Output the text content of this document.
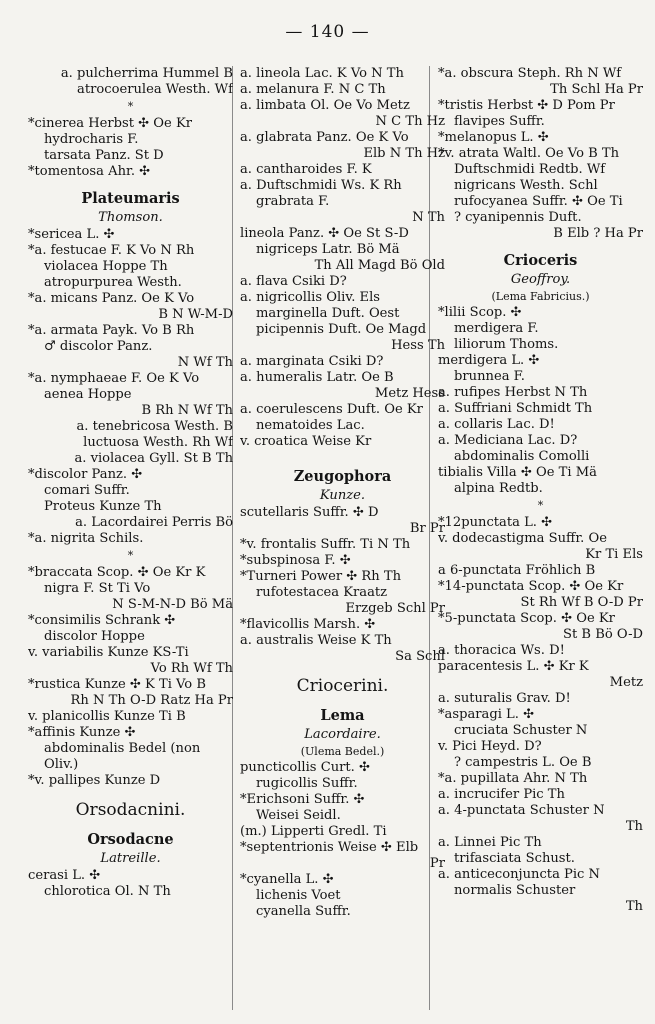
— 140 —
a. pulcherrima Hummel B
atrocoerulea Westh. Wf
*
*cinerea Herbst ✣ Oe Kr
hydrocharis F.
tarsata Panz. St D
*tomentosa Ahr. ✣
Plateumaris
Thomson.
*sericea L. ✣
*a. festucae F. K Vo N Rh
violacea Hoppe Th
atropurpurea Westh.
*a. micans Panz. Oe K Vo
B N W-M-D
*a. armata Payk. Vo B Rh
♂ discolor Panz.
N Wf Th
*a. nymphaeae F. Oe K Vo
aenea Hoppe
B Rh N Wf Th
a. tenebricosa Westh. B
luctuosa Westh. Rh Wf
a. violacea Gyll. St B Th
*discolor Panz. ✣
comari Suffr.
Proteus Kunze Th
a. Lacordairei Perris Bö
*a. nigrita Schils.
*
*braccata Scop. ✣ Oe Kr K
nigra F. St Ti Vo
N S-M-N-D Bö Mä
*consimilis Schrank ✣
discolor Hoppe
v. variabilis Kunze KS-Ti
Vo Rh Wf Th
*rustica Kunze ✣ K Ti Vo B
Rh N Th O-D Ratz Ha Pr
v. planicollis Kunze Ti B
*affinis Kunze ✣
abdominalis Bedel (non
Oliv.)
*v. pallipes Kunze D
Orsodacnini.
Orsodacne
Latreille.
cerasi L. ✣
chlorotica Ol. N Th
a. lineola Lac. K Vo N Th
a. melanura F. N C Th
a. limbata Ol. Oe Vo Metz
N C Th Hz
a. glabrata Panz. Oe K Vo
Elb N Th Hz
a. cantharoides F. K
a. Duftschmidi Ws. K Rh
grabrata F.
N Th
lineola Panz. ✣ Oe St S-D
nigriceps Latr. Bö Mä
Th All Magd Bö Old
a. flava Csiki D?
a. nigricollis Oliv. Els
marginella Duft. Oest
picipennis Duft. Oe Magd
Hess Th
a. marginata Csiki D?
a. humeralis Latr. Oe B
Metz Hess
a. coerulescens Duft. Oe Kr
nematoides Lac.
v. croatica Weise Kr
Zeugophora
Kunze.
scutellaris Suffr. ✣ D
Br Pr
*v. frontalis Suffr. Ti N Th
*subspinosa F. ✣
*Turneri Power ✣ Rh Th
rufotestacea Kraatz
Erzgeb Schl Pr
*flavicollis Marsh. ✣
a. australis Weise K Th
Sa Schl
Criocerini.
Lema
Lacordaire.
(Ulema Bedel.)
puncticollis Curt. ✣
rugicollis Suffr.
*Erichsoni Suffr. ✣
Weisei Seidl.
(m.) Lipperti Gredl. Ti
*septentrionis Weise ✣ Elb
Pr
*cyanella L. ✣
lichenis Voet
cyanella Suffr.
*a. obscura Steph. Rh N Wf
Th Schl Ha Pr
*tristis Herbst ✣ D Pom Pr
flavipes Suffr.
*melanopus L. ✣
*v. atrata Waltl. Oe Vo B Th
Duftschmidi Redtb. Wf
nigricans Westh. Schl
rufocyanea Suffr. ✣ Oe Ti
? cyanipennis Duft.
B Elb ? Ha Pr
Crioceris
Geoffroy.
(Lema Fabricius.)
*lilii Scop. ✣
merdigera F.
liliorum Thoms.
merdigera L. ✣
brunnea F.
a. rufipes Herbst N Th
a. Suffriani Schmidt Th
a. collaris Lac. D!
a. Mediciana Lac. D?
abdominalis Comolli
tibialis Villa ✣ Oe Ti Mä
alpina Redtb.
*
*12punctata L. ✣
v. dodecastigma Suffr. Oe
Kr Ti Els
a 6-punctata Fröhlich B
*14-punctata Scop. ✣ Oe Kr
St Rh Wf B O-D Pr
*5-punctata Scop. ✣ Oe Kr
St B Bö O-D
a. thoracica Ws. D!
paracentesis L. ✣ Kr K
Metz
a. suturalis Grav. D!
*asparagi L. ✣
cruciata Schuster N
v. Pici Heyd. D?
? campestris L. Oe B
*a. pupillata Ahr. N Th
a. incrucifer Pic Th
a. 4-punctata Schuster N
Th
a. Linnei Pic Th
trifasciata Schust.
a. anticeconjuncta Pic N
normalis Schuster
Th
